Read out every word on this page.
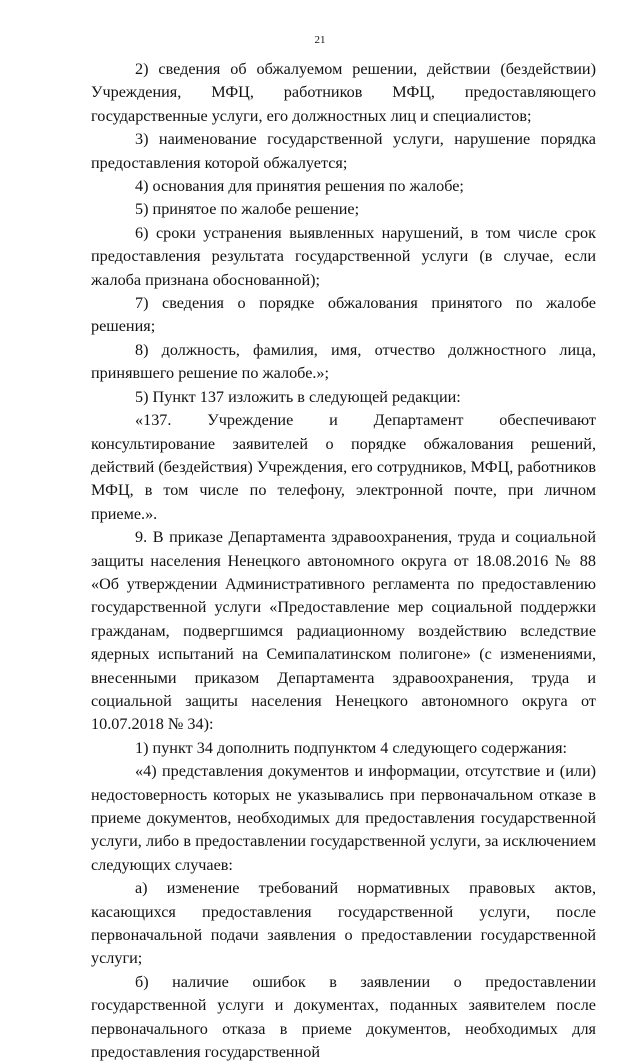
21

2) сведения об обжалуемом решении, действии (бездействии) Учреждения, МФЦ, работников МФЦ, предоставляющего государственные услуги, его должностных лиц и специалистов;

3) наименование государственной услуги, нарушение порядка предоставления которой обжалуется;

4) основания для принятия решения по жалобе;

5) принятое по жалобе решение;

6) сроки устранения выявленных нарушений, в том числе срок предоставления результата государственной услуги (в случае, если жалоба признана обоснованной);

7) сведения о порядке обжалования принятого по жалобе решения;

8) должность, фамилия, имя, отчество должностного лица, принявшего решение по жалобе.»;

5) Пункт 137 изложить в следующей редакции:

«137. Учреждение и Департамент обеспечивают консультирование заявителей о порядке обжалования решений, действий (бездействия) Учреждения, его сотрудников, МФЦ, работников МФЦ, в том числе по телефону, электронной почте, при личном приеме.».

9. В приказе Департамента здравоохранения, труда и социальной защиты населения Ненецкого автономного округа от 18.08.2016 № 88 «Об утверждении Административного регламента по предоставлению государственной услуги «Предоставление мер социальной поддержки гражданам, подвергшимся радиационному воздействию вследствие ядерных испытаний на Семипалатинском полигоне» (с изменениями, внесенными приказом Департамента здравоохранения, труда и социальной защиты населения Ненецкого автономного округа от 10.07.2018 № 34):

1) пункт 34 дополнить подпунктом 4 следующего содержания:

«4) представления документов и информации, отсутствие и (или) недостоверность которых не указывались при первоначальном отказе в приеме документов, необходимых для предоставления государственной услуги, либо в предоставлении государственной услуги, за исключением следующих случаев:

а) изменение требований нормативных правовых актов, касающихся предоставления государственной услуги, после первоначальной подачи заявления о предоставлении государственной услуги;

б) наличие ошибок в заявлении о предоставлении государственной услуги и документах, поданных заявителем после первоначального отказа в приеме документов, необходимых для предоставления государственной
